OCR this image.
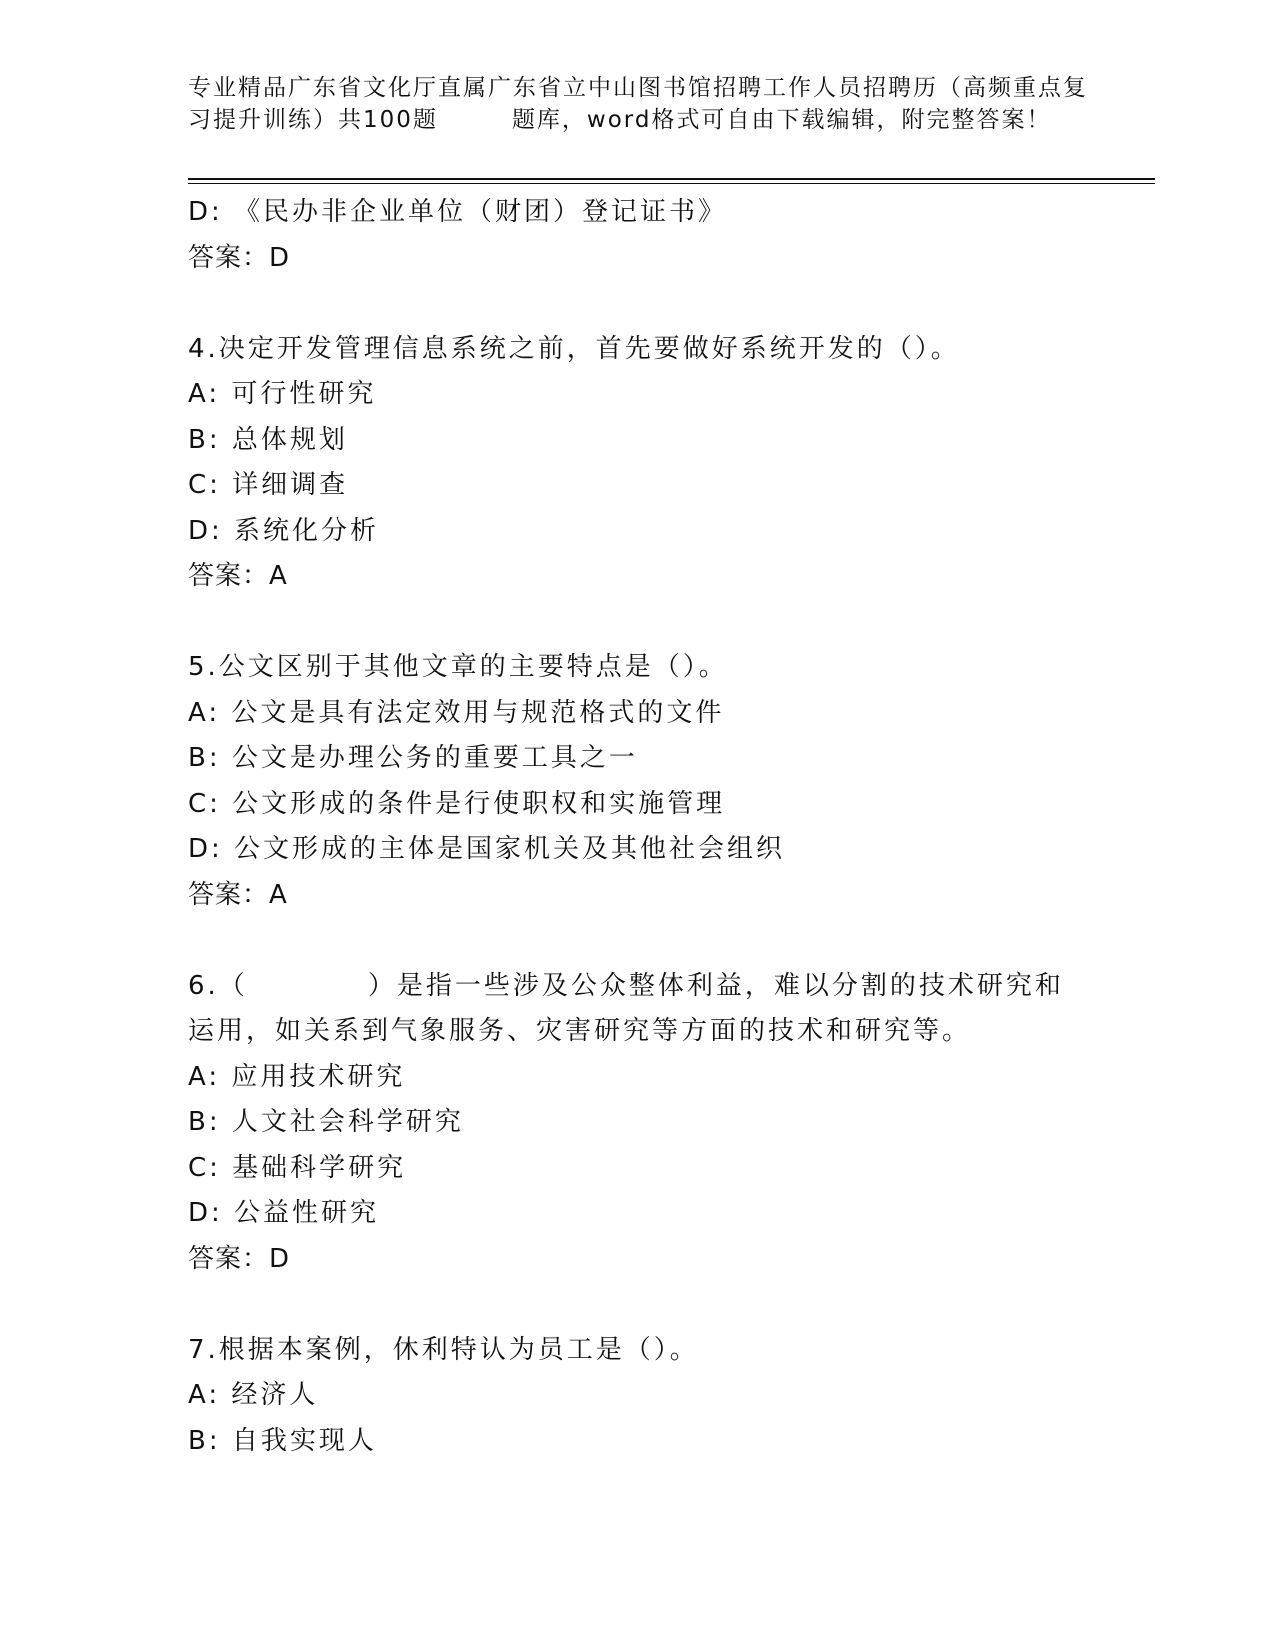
专业精品广东省文化厅直属广东省立中山图书馆招聘工作人员招聘历（高频重点复习提升训练）共100题	题库，word格式可自由下载编辑，附完整答案！
D: 《民办非企业单位（财团）登记证书》
答案：D
4.决定开发管理信息系统之前，首先要做好系统开发的（）。
A: 可行性研究
B: 总体规划
C: 详细调查
D: 系统化分析
答案：A
5.公文区别于其他文章的主要特点是（）。
A: 公文是具有法定效用与规范格式的文件
B: 公文是办理公务的重要工具之一
C: 公文形成的条件是行使职权和实施管理
D: 公文形成的主体是国家机关及其他社会组织
答案：A
6.（	）是指一些涉及公众整体利益，难以分割的技术研究和
运用，如关系到气象服务、灾害研究等方面的技术和研究等。
A: 应用技术研究
B: 人文社会科学研究
C: 基础科学研究
D: 公益性研究
答案：D
7.根据本案例，休利特认为员工是（）。
A: 经济人
B: 自我实现人
